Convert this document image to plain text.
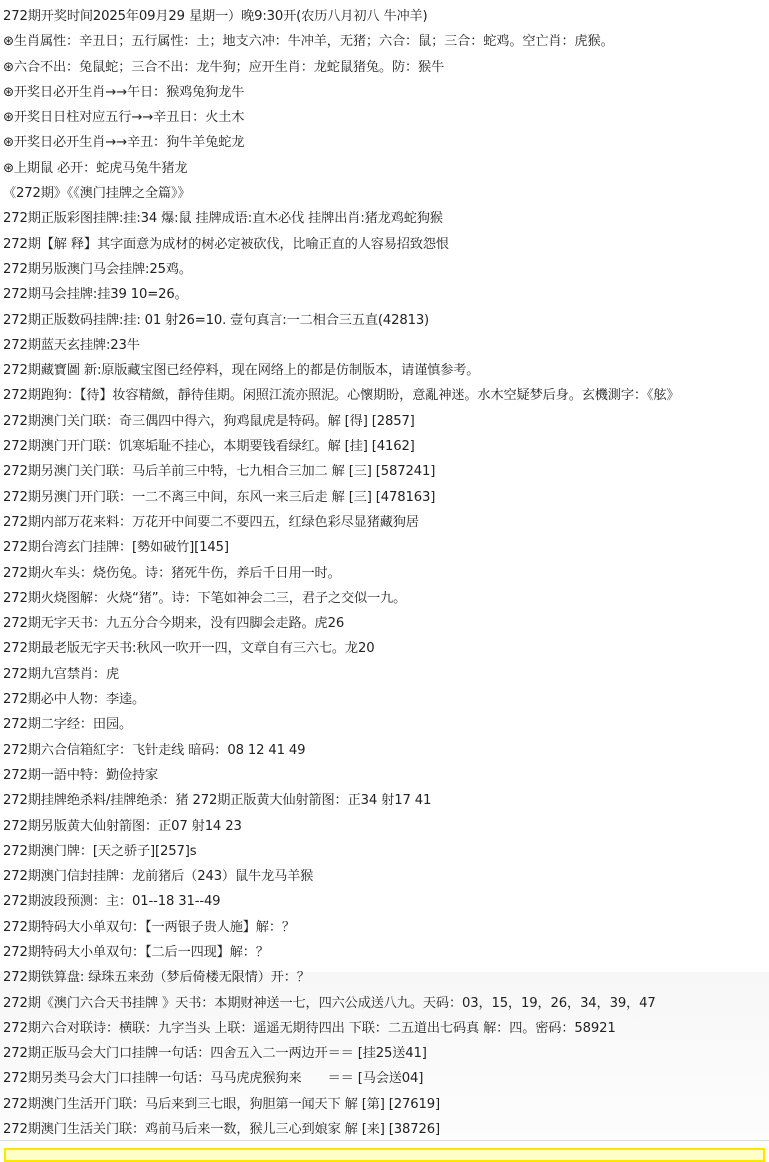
272期开奖时间2025年09月29 星期一）晚9:30开(农历八月初八 牛冲羊)
⊛生肖属性：辛丑日；五行属性：土；地支六冲：牛冲羊，无猪；六合：鼠；三合：蛇鸡。空亡肖：虎猴。
⊛六合不出：兔鼠蛇；三合不出：龙牛狗；应开生肖：龙蛇鼠猪兔。防：猴牛
⊛开奖日必开生肖→→午日：猴鸡兔狗龙牛
⊛开奖日日柱对应五行→→辛丑日：火土木
⊛开奖日必开生肖→→辛丑：狗牛羊兔蛇龙
⊛上期鼠 必开：蛇虎马兔牛猪龙
《272期》《《澳门挂牌之全篇》》
272期正版彩图挂牌:挂:34 爆:鼠 挂牌成语:直木必伐 挂牌出肖:猪龙鸡蛇狗猴
272期【解 释】其字面意为成材的树必定被砍伐，比喻正直的人容易招致怨恨
272期另版澳门马会挂牌:25鸡。
272期马会挂牌:挂39 10=26。
272期正版数码挂牌:挂: 01 射26=10. 壹句真言:一二相合三五直(42813)
272期蓝天玄挂牌:23牛
272期藏寶圖 新:原版藏宝图已经停料，现在网络上的都是仿制版本，请谨慎参考。
272期跑狗：【待】妆容精緻，靜待佳期。闲照江流亦照泥。心懷期盼，意亂神迷。水木空疑梦后身。玄機測字：《舷》
272期澳门关门联：奇三偶四中得六，狗鸡鼠虎是特码。解 [得] [2857]
272期澳门开门联：饥寒垢耻不挂心，本期要钱看绿红。解 [挂] [4162]
272期另澳门关门联：马后羊前三中特，七九相合三加二 解 [三] [587241]
272期另澳门开门联：一二不离三中间，东风一来三后走 解 [三] [478163]
272期内部万花来料：万花开中间要二不要四五，红绿色彩尽显猪藏狗居
272期台湾玄门挂牌：[勢如破竹][145]
272期火车头：烧伤兔。诗：猪死牛伤，养后千日用一时。
272期火烧图解：火烧“猪”。诗：下笔如神会二三，君子之交似一九。
272期无字天书：九五分合今期来，没有四脚会走路。虎26
272期最老版无字天书:秋风一吹开一四，文章自有三六七。龙20
272期九宫禁肖：虎
272期必中人物：李逵。
272期二字经：田园。
272期六合信箱紅字：飞针走线 暗码：08 12 41 49
272期一語中特：勤俭持家
272期挂牌绝杀料/挂牌绝杀：猪 272期正版黄大仙射箭图：正34 射17 41
272期另版黄大仙射箭图：正07 射14 23
272期澳门牌：[天之骄子][257]s
272期澳门信封挂牌：龙前猪后（243）鼠牛龙马羊猴
272期波段预测：主：01--18 31--49
272期特码大小单双句：【一两银子贵人施】解：？
272期特码大小单双句：【二后一四现】解：？
272期铁算盘: 绿珠五来劲（梦后倚楼无限情）开：？
272期《澳门六合天书挂牌 》天书：本期财神送一七，四六公成送八九。天码：03，15，19，26，34，39，47
272期六合对联诗：横联：九字当头 上联：遥遥无期待四出 下联：二五道出七码真 解：四。密码：58921
272期正版马会大门口挂牌一句话：四舍五入二一两边开＝＝ [挂25送41]
272期另类马会大门口挂牌一句话：马马虎虎猴狗来　　＝＝ [马会送04]
272期澳门生活开门联：马后来到三七眼，狗胆第一闻天下 解 [第] [27619]
272期澳门生活关门联：鸡前马后来一数，猴儿三心到娘家 解 [来] [38726]
